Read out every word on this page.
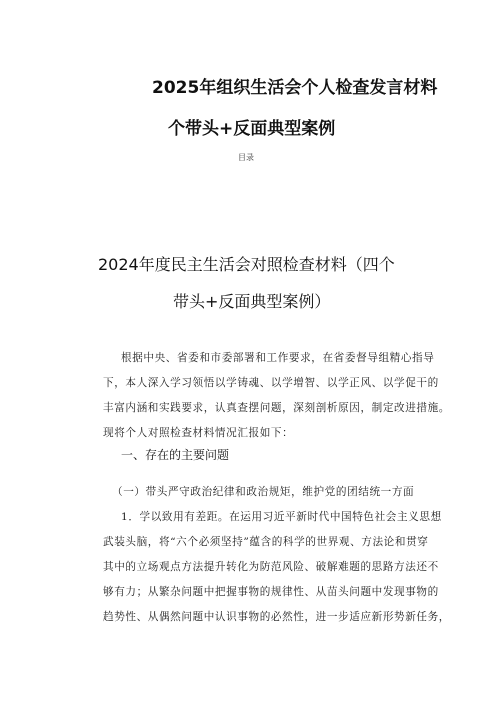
2025年组织生活会个人检查发言材料
个带头+反面典型案例
目录
2024年度民主生活会对照检查材料（四个
带头+反面典型案例）
根据中央、省委和市委部署和工作要求，在省委督导组精心指导
下，本人深入学习领悟以学铸魂、以学增智、以学正风、以学促干的
丰富内涵和实践要求，认真查摆问题，深刻剖析原因，制定改进措施。
现将个人对照检查材料情况汇报如下：
一、存在的主要问题
（一）带头严守政治纪律和政治规矩，维护党的团结统一方面
1．学以致用有差距。在运用习近平新时代中国特色社会主义思想
武装头脑，将“六个必须坚持”蕴含的科学的世界观、方法论和贯穿
其中的立场观点方法提升转化为防范风险、破解难题的思路方法还不
够有力；从繁杂问题中把握事物的规律性、从苗头问题中发现事物的
趋势性、从偶然问题中认识事物的必然性，进一步适应新形势新任务，
